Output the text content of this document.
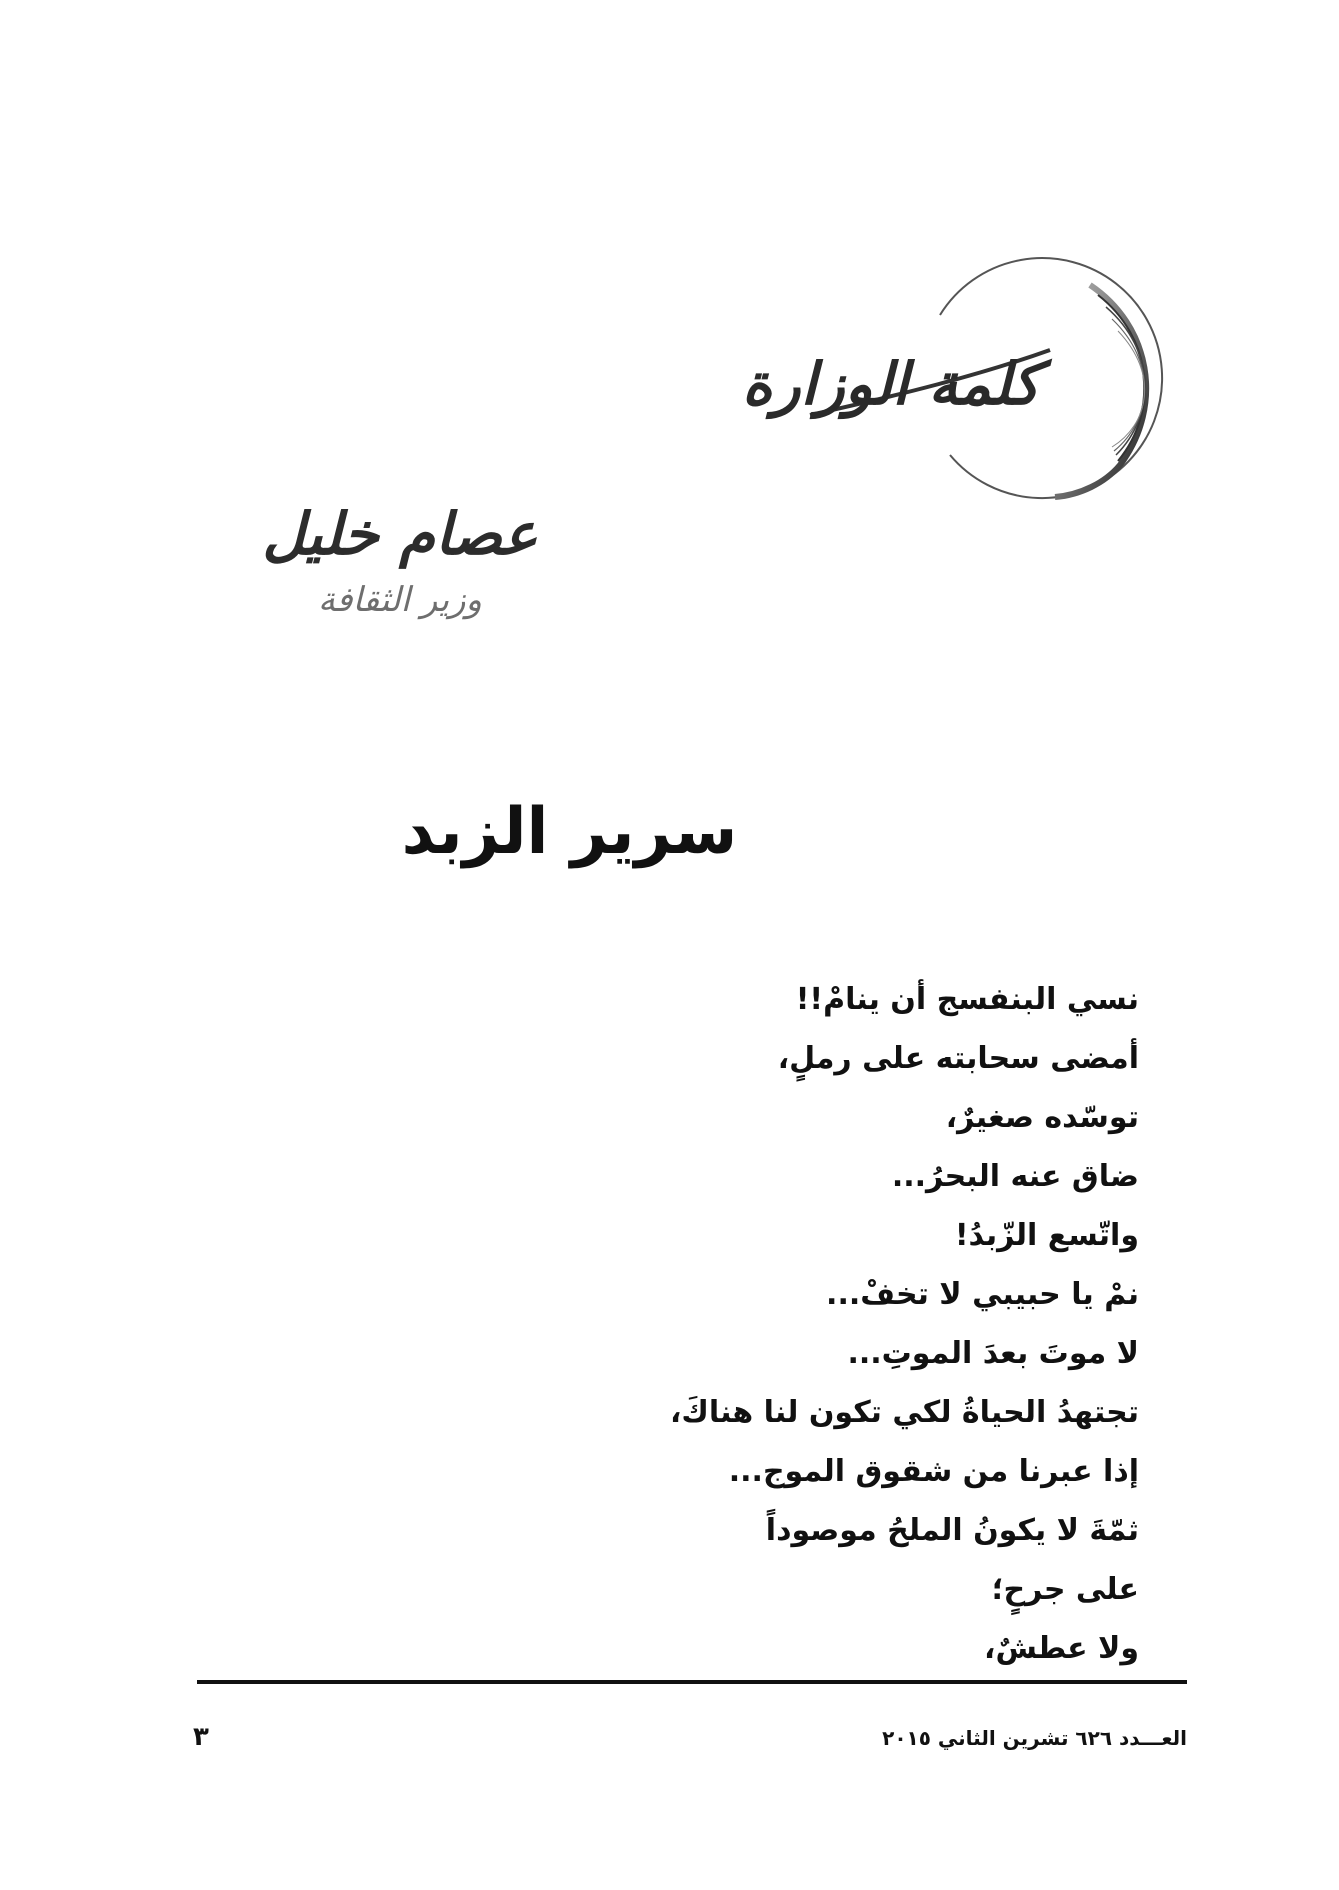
كلمة الوزارة
عصام خليل
وزير الثقافة
سرير الزبد
نسي البنفسج أن ينامْ!!
أمضى سحابته على رملٍ،
توسّده صغيرٌ،
ضاق عنه البحرُ...
واتّسع الزّبدُ!
نمْ يا حبيبي لا تخفْ...
لا موتَ بعدَ الموتِ...
تجتهدُ الحياةُ لكي تكون لنا هناكَ،
إذا عبرنا من شقوق الموج...
ثمّةَ لا يكونُ الملحُ موصوداً
على جرحٍ؛
ولا عطشٌ،
العـــدد ٦٢٦ تشرين الثاني ٢٠١٥
٣
